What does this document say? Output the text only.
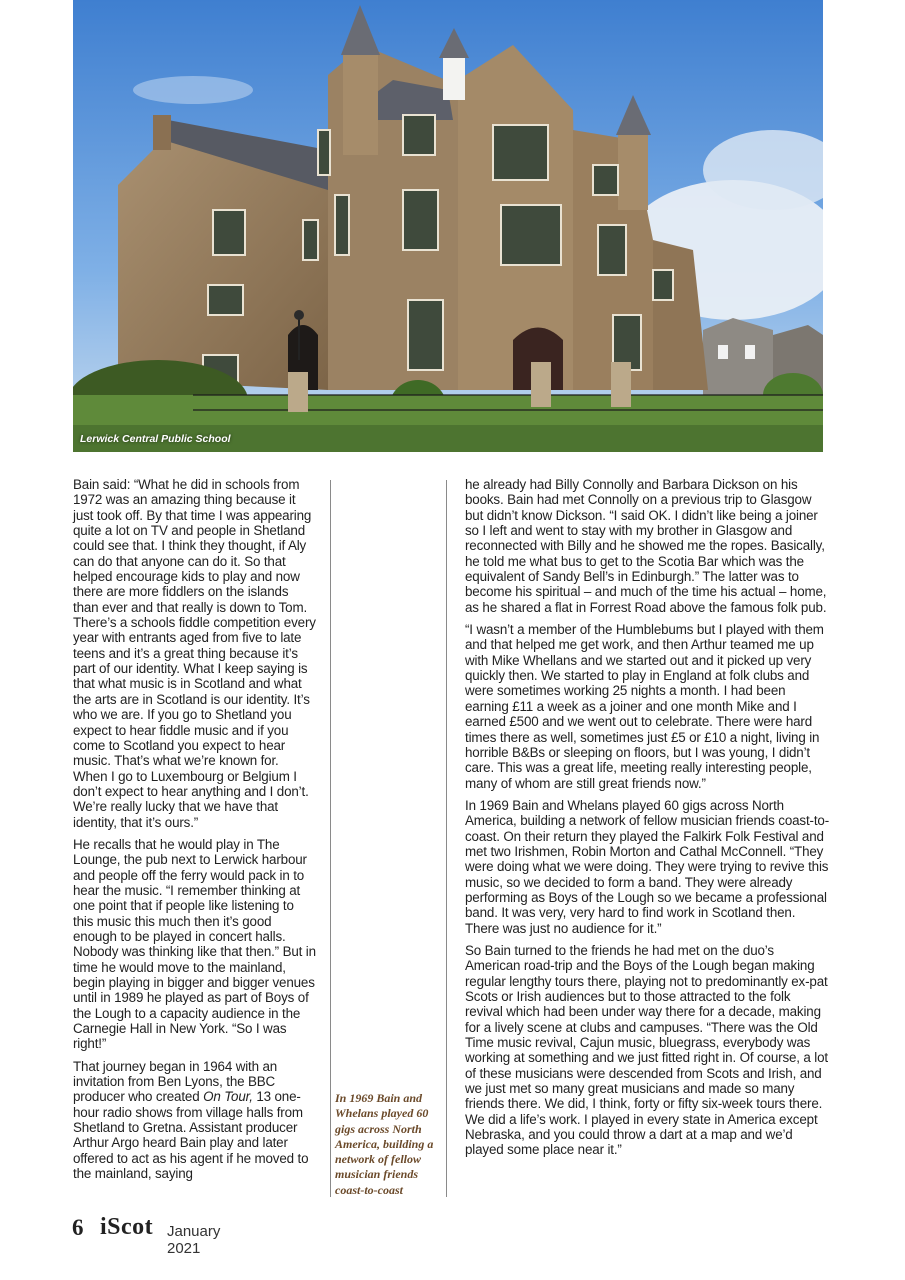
Lerwick Central Public School

Bain said: “What he did in schools from 1972 was an amazing thing because it just took off. By that time I was appearing quite a lot on TV and people in Shetland could see that. I think they thought, if Aly can do that anyone can do it. So that helped encourage kids to play and now there are more fiddlers on the islands than ever and that really is down to Tom. There’s a schools fiddle competition every year with entrants aged from five to late teens and it’s a great thing because it’s part of our identity. What I keep saying is that what music is in Scotland and what the arts are in Scotland is our identity. It’s who we are. If you go to Shetland you expect to hear fiddle music and if you come to Scotland you expect to hear music. That’s what we’re known for. When I go to Luxembourg or Belgium I don’t expect to hear anything and I don’t. We’re really lucky that we have that identity, that it’s ours.”

He recalls that he would play in The Lounge, the pub next to Lerwick harbour and people off the ferry would pack in to hear the music. “I remember thinking at one point that if people like listening to this music this much then it’s good enough to be played in concert halls. Nobody was thinking like that then.” But in time he would move to the mainland, begin playing in bigger and bigger venues until in 1989 he played as part of Boys of the Lough to a capacity audience in the Carnegie Hall in New York. “So I was right!”

That journey began in 1964 with an invitation from Ben Lyons, the BBC producer who created On Tour, 13 one-hour radio shows from village halls from Shetland to Gretna. Assistant producer Arthur Argo heard Bain play and later offered to act as his agent if he moved to the mainland, saying

In 1969 Bain and Whelans played 60 gigs across North America, building a network of fellow musician friends coast-to-coast

he already had Billy Connolly and Barbara Dickson on his books. Bain had met Connolly on a previous trip to Glasgow but didn’t know Dickson. “I said OK. I didn’t like being a joiner so I left and went to stay with my brother in Glasgow and reconnected with Billy and he showed me the ropes. Basically, he told me what bus to get to the Scotia Bar which was the equivalent of Sandy Bell’s in Edinburgh.” The latter was to become his spiritual – and much of the time his actual – home, as he shared a flat in Forrest Road above the famous folk pub.

“I wasn’t a member of the Humblebums but I played with them and that helped me get work, and then Arthur teamed me up with Mike Whellans and we started out and it picked up very quickly then. We started to play in England at folk clubs and were sometimes working 25 nights a month. I had been earning £11 a week as a joiner and one month Mike and I earned £500 and we went out to celebrate. There were hard times there as well, sometimes just £5 or £10 a night, living in horrible B&Bs or sleeping on floors, but I was young, I didn’t care. This was a great life, meeting really interesting people, many of whom are still great friends now.”

In 1969 Bain and Whelans played 60 gigs across North America, building a network of fellow musician friends coast-to-coast. On their return they played the Falkirk Folk Festival and met two Irishmen, Robin Morton and Cathal McConnell. “They were doing what we were doing. They were trying to revive this music, so we decided to form a band. They were already performing as Boys of the Lough so we became a professional band. It was very, very hard to find work in Scotland then. There was just no audience for it.”

So Bain turned to the friends he had met on the duo’s American road-trip and the Boys of the Lough began making regular lengthy tours there, playing not to predominantly ex-pat Scots or Irish audiences but to those attracted to the folk revival which had been under way there for a decade, making for a lively scene at clubs and campuses. “There was the Old Time music revival, Cajun music, bluegrass, everybody was working at something and we just fitted right in. Of course, a lot of these musicians were descended from Scots and Irish, and we just met so many great musicians and made so many friends there. We did, I think, forty or fifty six-week tours there. We did a life’s work. I played in every state in America except Nebraska, and you could throw a dart at a map and we’d played some place near it.”

6 iScot January 2021
